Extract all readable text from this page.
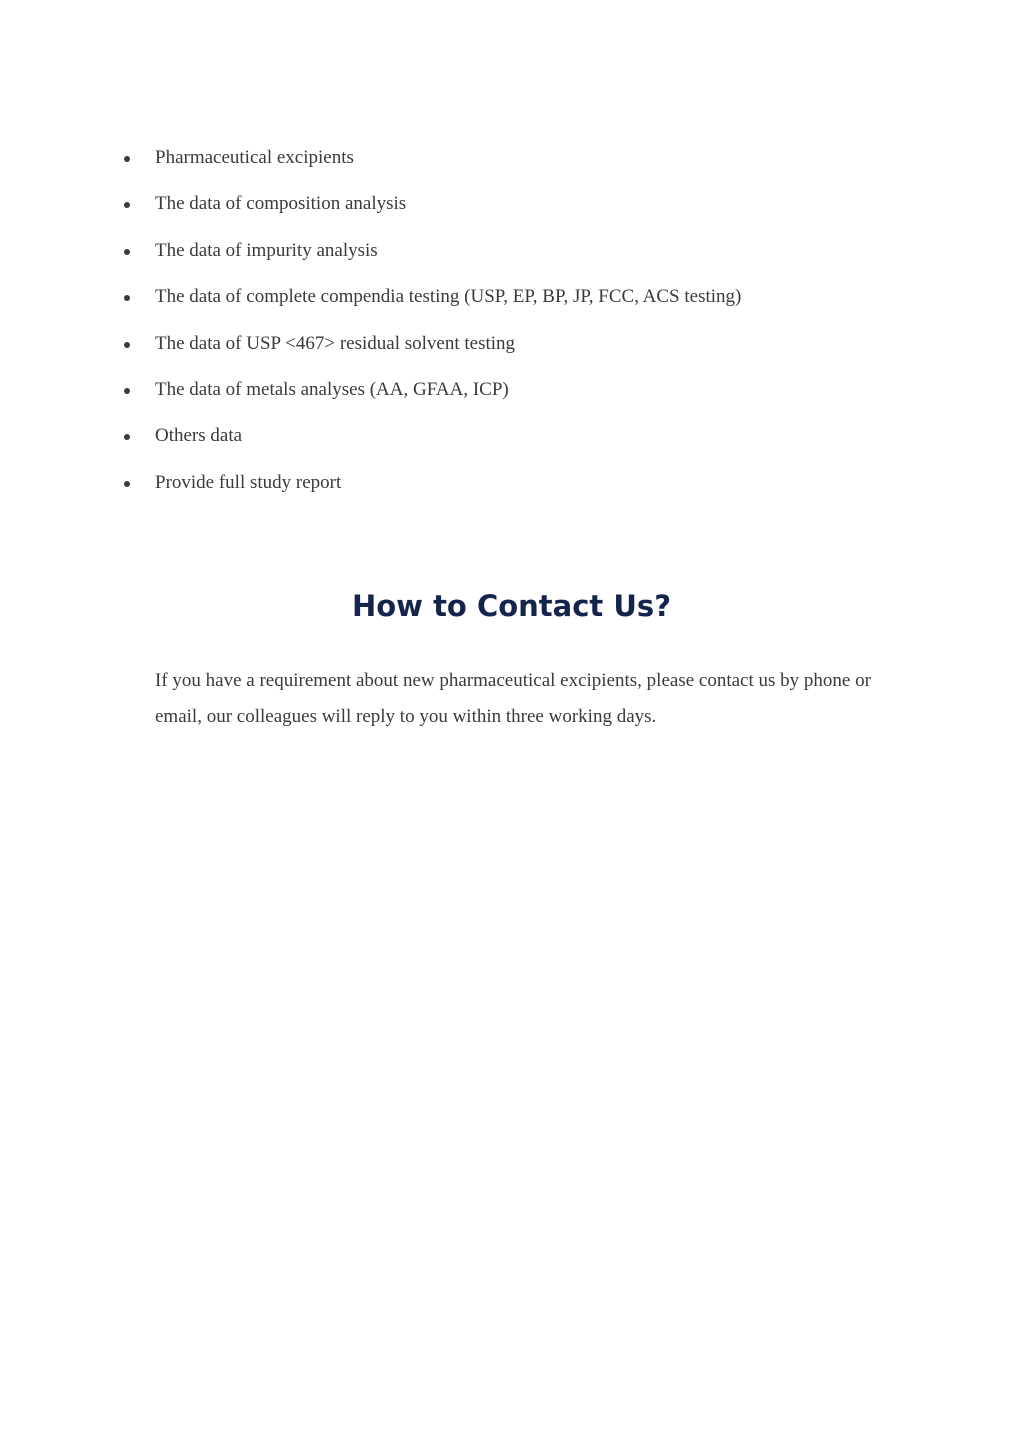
Pharmaceutical excipients
The data of composition analysis
The data of impurity analysis
The data of complete compendia testing (USP, EP, BP, JP, FCC, ACS testing)
The data of USP <467> residual solvent testing
The data of metals analyses (AA, GFAA, ICP)
Others data
Provide full study report
How to Contact Us?

If you have a requirement about new pharmaceutical excipients, please contact us by phone or email, our colleagues will reply to you within three working days.
